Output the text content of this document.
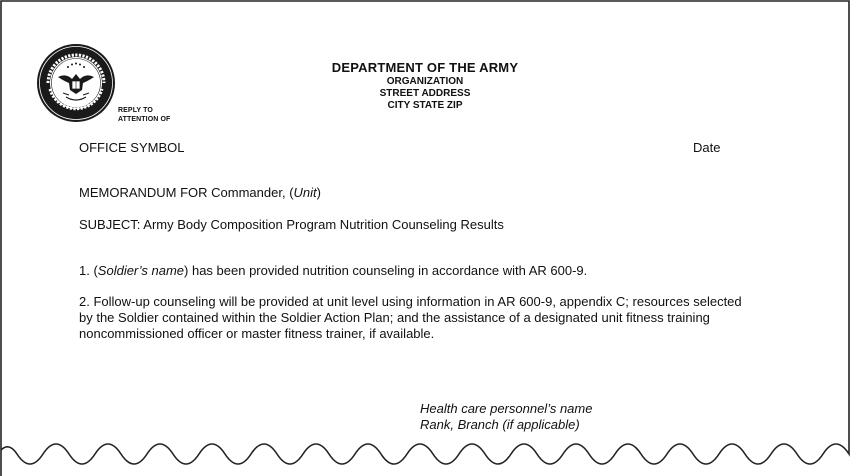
REPLY TO
ATTENTION OF
DEPARTMENT OF THE ARMY
ORGANIZATION
STREET ADDRESS
CITY STATE ZIP
OFFICE SYMBOL	Date
MEMORANDUM FOR Commander, (Unit)
SUBJECT: Army Body Composition Program Nutrition Counseling Results
1. (Soldier’s name) has been provided nutrition counseling in accordance with AR 600-9.
2. Follow-up counseling will be provided at unit level using information in AR 600-9, appendix C; resources selected
by the Soldier contained within the Soldier Action Plan; and the assistance of a designated unit fitness training
noncommissioned officer or master fitness trainer, if available.
Health care personnel’s name
Rank, Branch (if applicable)
